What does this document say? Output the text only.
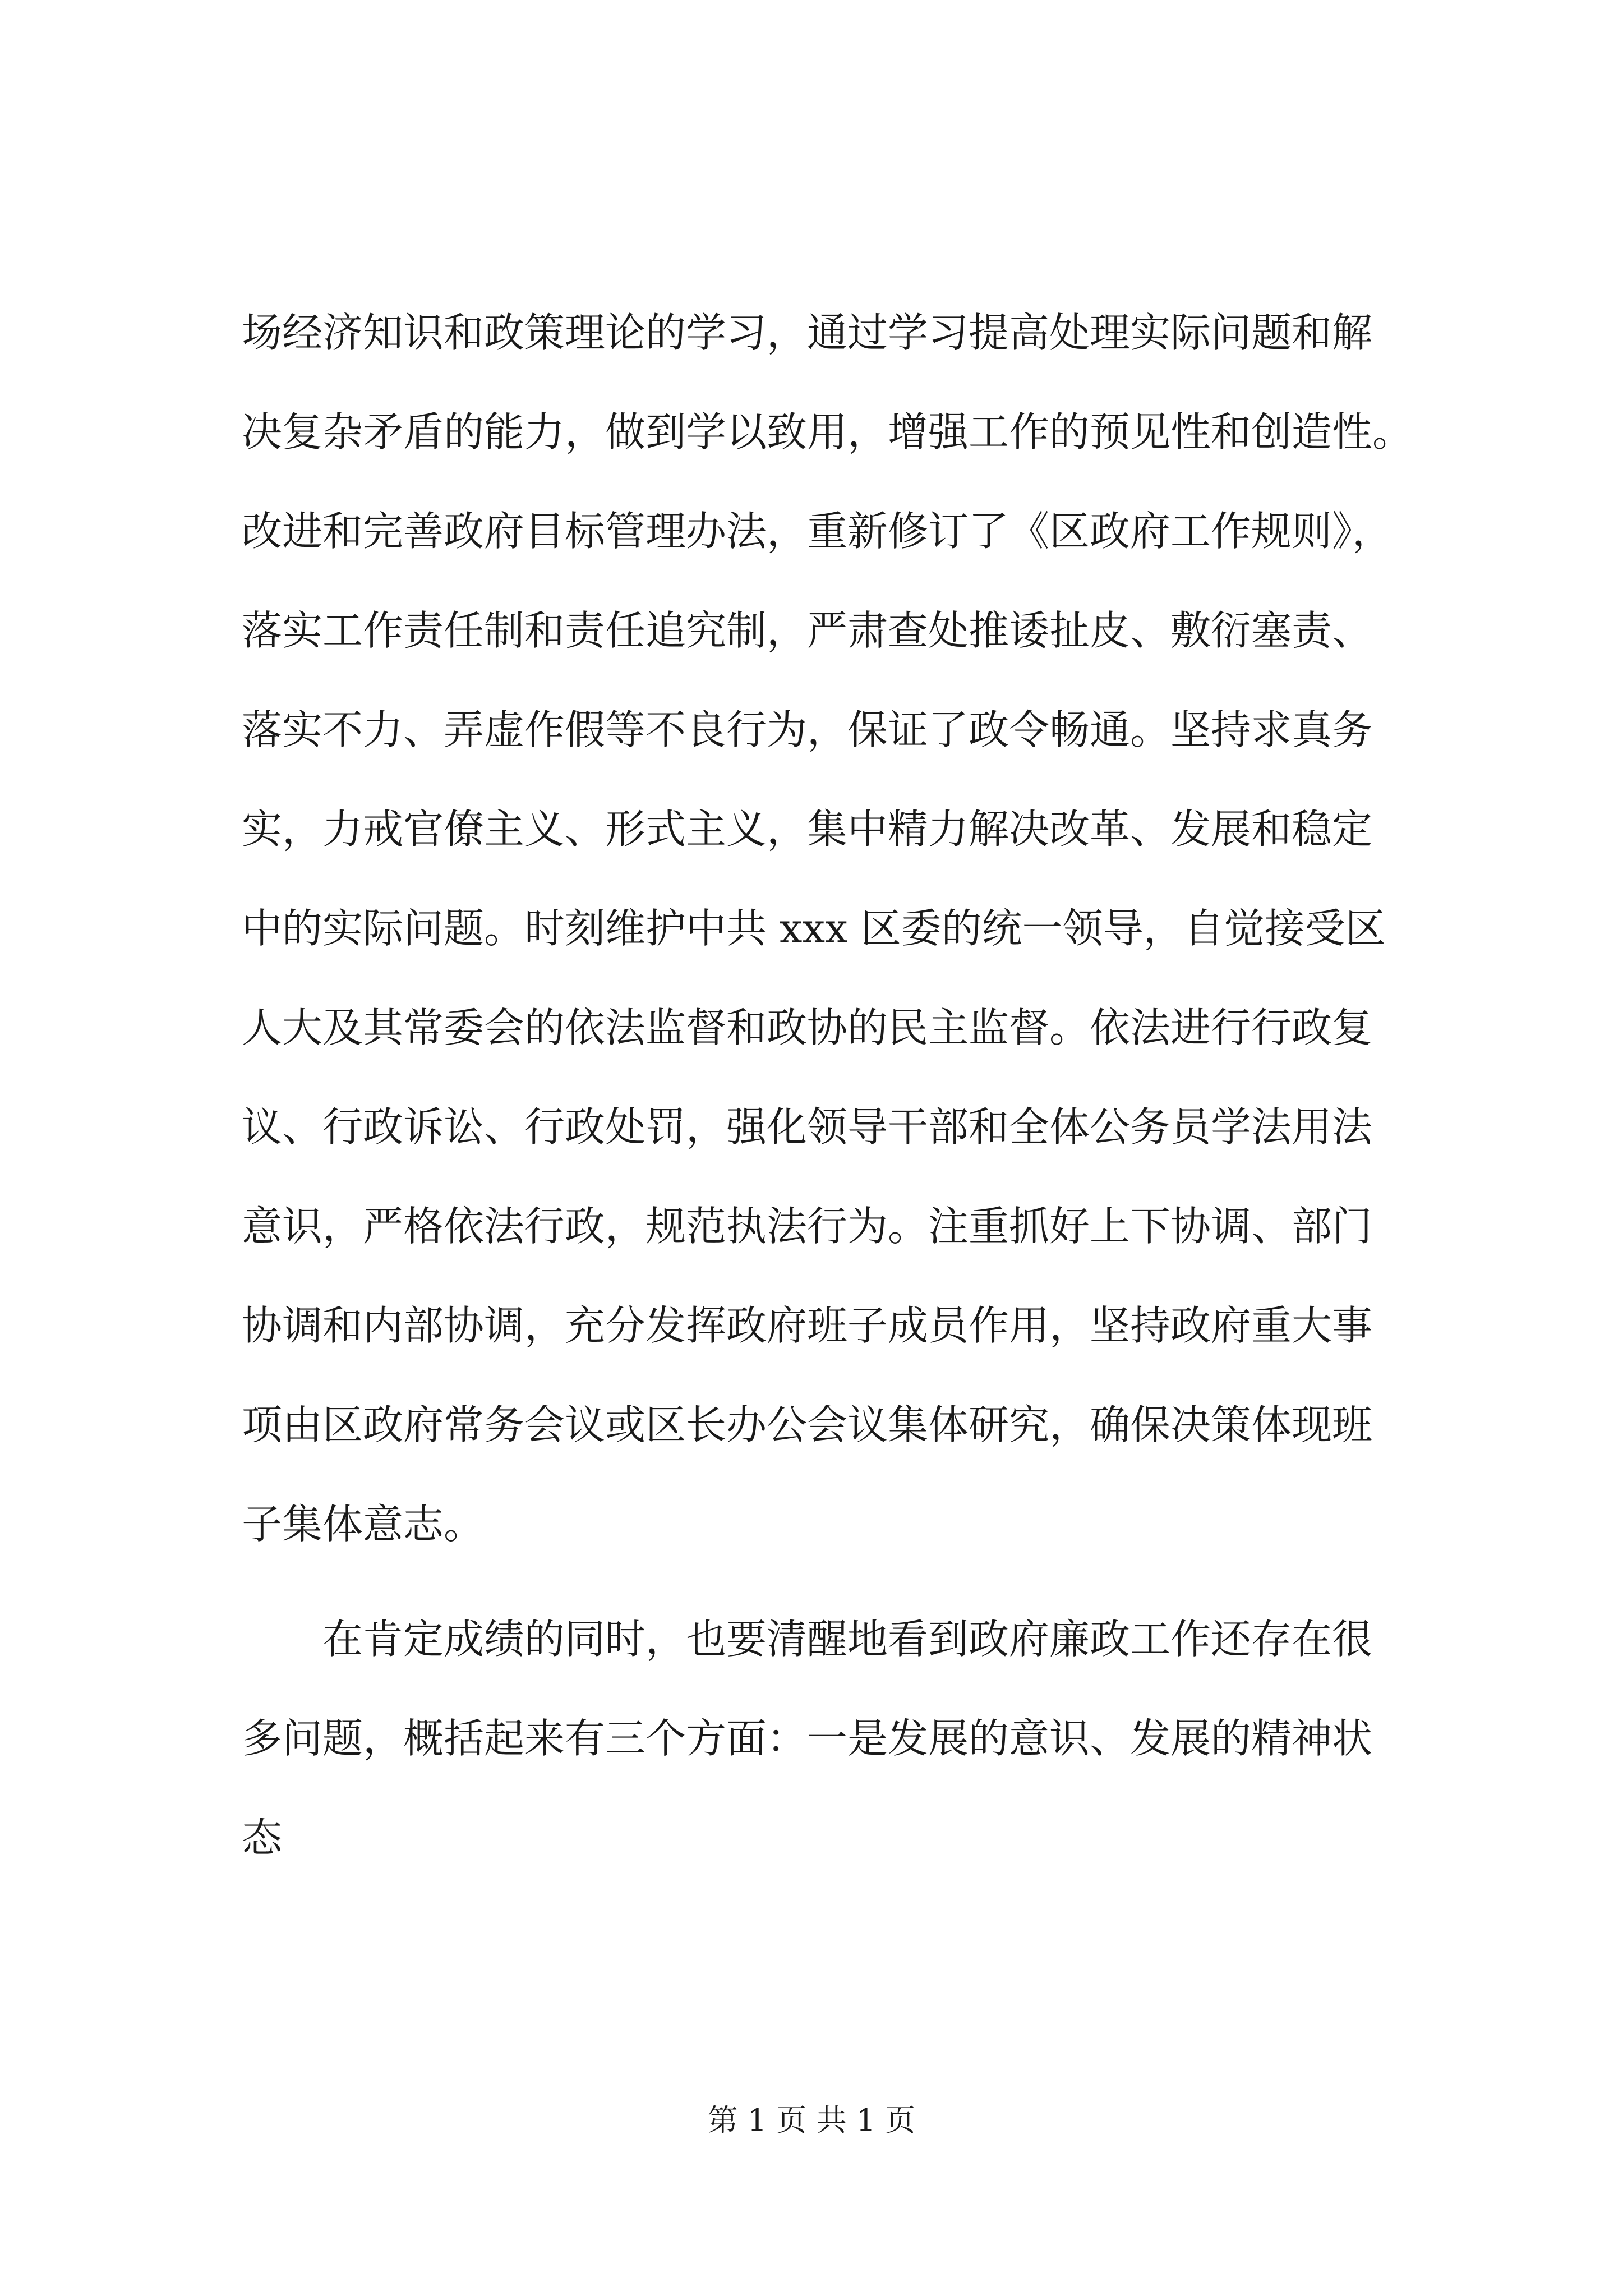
场经济知识和政策理论的学习，通过学习提高处理实际问题和解
决复杂矛盾的能力，做到学以致用，增强工作的预见性和创造性。
改进和完善政府目标管理办法，重新修订了《区政府工作规则》，
落实工作责任制和责任追究制，严肃查处推诿扯皮、敷衍塞责、
落实不力、弄虚作假等不良行为，保证了政令畅通。坚持求真务
实，力戒官僚主义、形式主义，集中精力解决改革、发展和稳定
中的实际问题。时刻维护中共 xxx 区委的统一领导，自觉接受区
人大及其常委会的依法监督和政协的民主监督。依法进行行政复
议、行政诉讼、行政处罚，强化领导干部和全体公务员学法用法
意识，严格依法行政，规范执法行为。注重抓好上下协调、部门
协调和内部协调，充分发挥政府班子成员作用，坚持政府重大事
项由区政府常务会议或区长办公会议集体研究，确保决策体现班
子集体意志。
在肯定成绩的同时，也要清醒地看到政府廉政工作还存在很
多问题，概括起来有三个方面：一是发展的意识、发展的精神状
态
第 1 页 共 1 页
